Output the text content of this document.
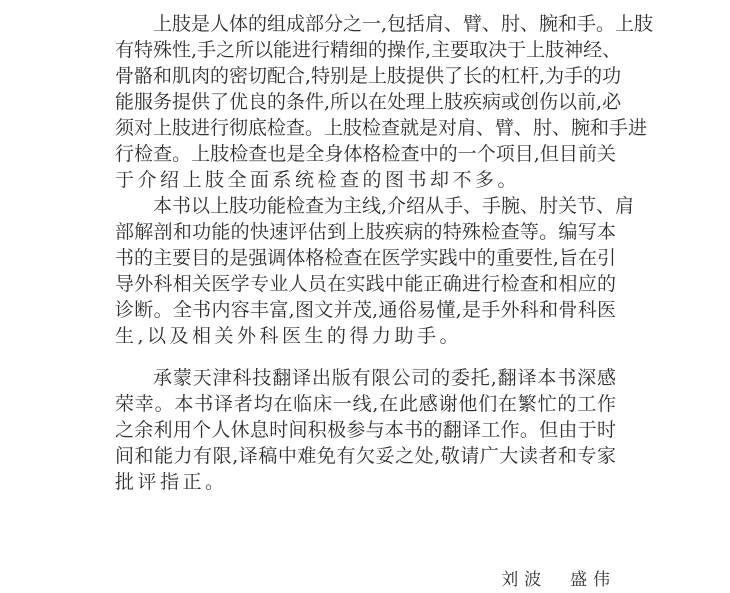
上肢是人体的组成部分之一,包括肩、臂、肘、腕和手。上肢
有特殊性,手之所以能进行精细的操作,主要取决于上肢神经、
骨骼和肌肉的密切配合,特别是上肢提供了长的杠杆,为手的功
能服务提供了优良的条件,所以在处理上肢疾病或创伤以前,必
须对上肢进行彻底检查。上肢检查就是对肩、臂、肘、腕和手进
行检查。上肢检查也是全身体格检查中的一个项目,但目前关
于介绍上肢全面系统检查的图书却不多。
本书以上肢功能检查为主线,介绍从手、手腕、肘关节、肩
部解剖和功能的快速评估到上肢疾病的特殊检查等。编写本
书的主要目的是强调体格检查在医学实践中的重要性,旨在引
导外科相关医学专业人员在实践中能正确进行检查和相应的
诊断。全书内容丰富,图文并茂,通俗易懂,是手外科和骨科医
生,以及相关外科医生的得力助手。
承蒙天津科技翻译出版有限公司的委托,翻译本书深感
荣幸。本书译者均在临床一线,在此感谢他们在繁忙的工作
之余利用个人休息时间积极参与本书的翻译工作。但由于时
间和能力有限,译稿中难免有欠妥之处,敬请广大读者和专家
批评指正。
刘波  盛伟
